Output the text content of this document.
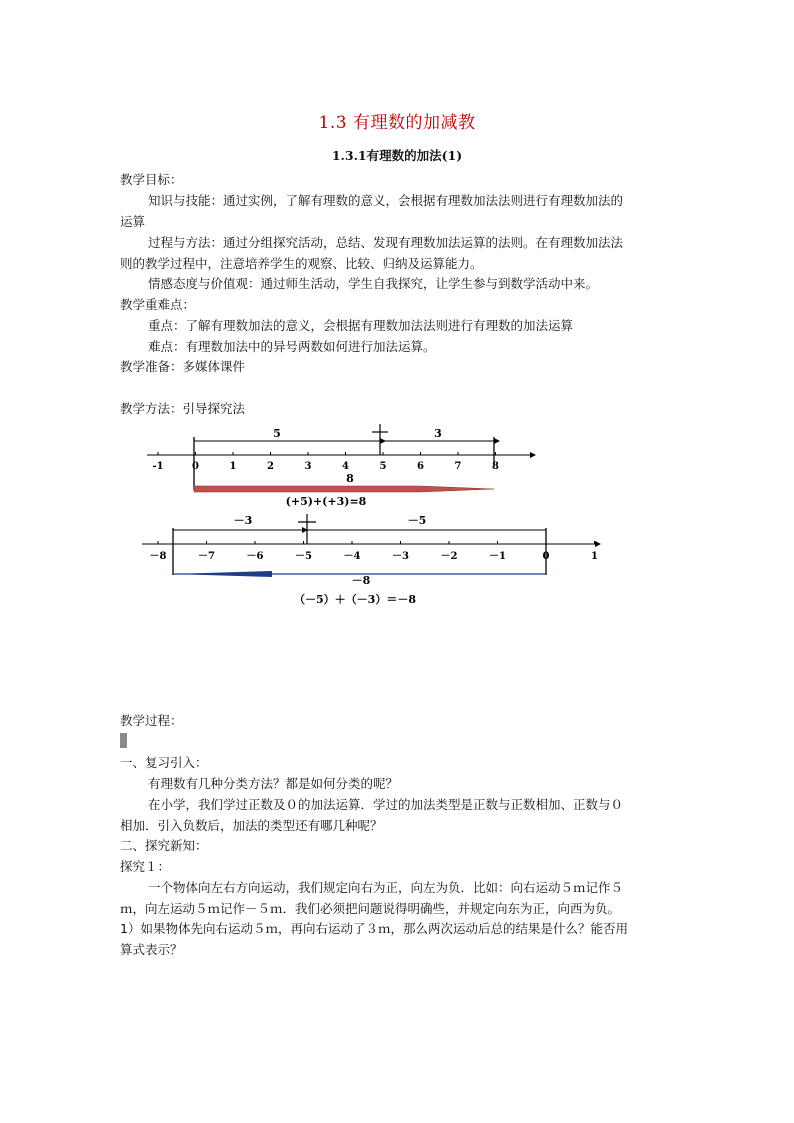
1.3 有理数的加减教
1.3.1有理数的加法(1)
教学目标：
知识与技能：通过实例，了解有理数的意义，会根据有理数加法法则进行有理数加法的
运算
过程与方法：通过分组探究活动，总结、发现有理数加法运算的法则。在有理数加法法
则的教学过程中，注意培养学生的观察、比较、归纳及运算能力。
情感态度与价值观：通过师生活动，学生自我探究，让学生参与到数学活动中来。
教学重难点：
重点：了解有理数加法的意义，会根据有理数加法法则进行有理数的加法运算
难点：有理数加法中的异号两数如何进行加法运算。
教学准备：多媒体课件
教学方法：引导探究法
5	3
-1	0	1	2	3	4	5	6	7	8
8
(+5)+(+3)=8
－3	－5
－8	－7	－6	－5	－4	－3	－2	－1	0	1
－8
（－5）＋（－3）＝－8
教学过程：
一、复习引入：
有理数有几种分类方法？都是如何分类的呢？
在小学，我们学过正数及０的加法运算．学过的加法类型是正数与正数相加、正数与０
相加．引入负数后，加法的类型还有哪几种呢？
二、探究新知：
探究１：
一个物体向左右方向运动，我们规定向右为正，向左为负．比如：向右运动５ｍ记作５
ｍ，向左运动５ｍ记作－５ｍ．我们必须把问题说得明确些，并规定向东为正，向西为负。
1）如果物体先向右运动５ｍ，再向右运动了３ｍ，那么两次运动后总的结果是什么？能否用
算式表示？
